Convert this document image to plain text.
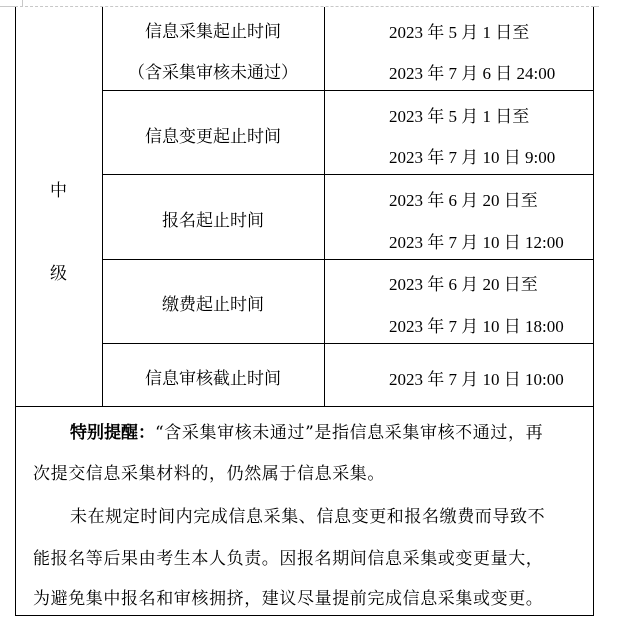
中
级
信息采集起止时间
（含采集审核未通过）
2023 年 5 月 1 日至
2023 年 7 月 6 日 24:00
信息变更起止时间
2023 年 5 月 1 日至
2023 年 7 月 10 日 9:00
报名起止时间
2023 年 6 月 20 日至
2023 年 7 月 10 日 12:00
缴费起止时间
2023 年 6 月 20 日至
2023 年 7 月 10 日 18:00
信息审核截止时间	2023 年 7 月 10 日 10:00
特别提醒：“含采集审核未通过”是指信息采集审核不通过，再
次提交信息采集材料的，仍然属于信息采集。
未在规定时间内完成信息采集、信息变更和报名缴费而导致不
能报名等后果由考生本人负责。因报名期间信息采集或变更量大，
为避免集中报名和审核拥挤，建议尽量提前完成信息采集或变更。
